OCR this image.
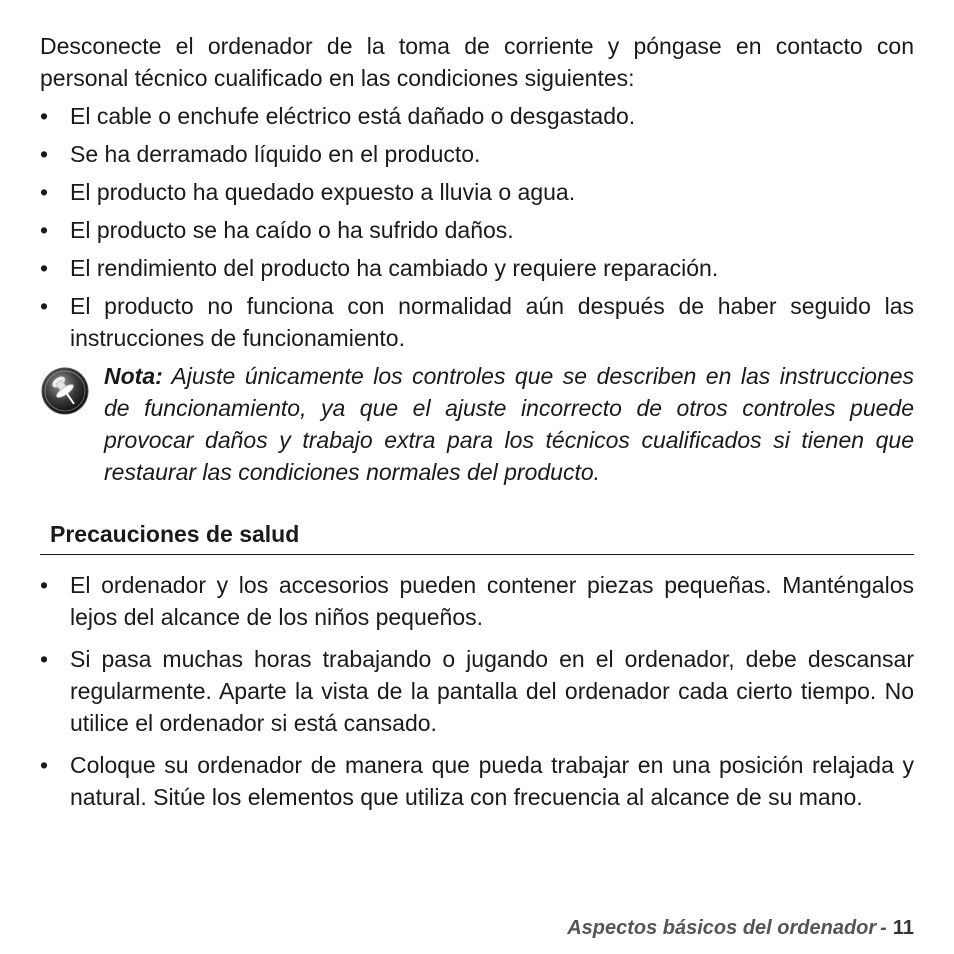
Desconecte el ordenador de la toma de corriente y póngase en contacto con personal técnico cualificado en las condiciones siguientes:

• El cable o enchufe eléctrico está dañado o desgastado.
• Se ha derramado líquido en el producto.
• El producto ha quedado expuesto a lluvia o agua.
• El producto se ha caído o ha sufrido daños.
• El rendimiento del producto ha cambiado y requiere reparación.
• El producto no funciona con normalidad aún después de haber seguido las instrucciones de funcionamiento.
Nota: Ajuste únicamente los controles que se describen en las instrucciones de funcionamiento, ya que el ajuste incorrecto de otros controles puede provocar daños y trabajo extra para los técnicos cualificados si tienen que restaurar las condiciones normales del producto.
Precauciones de salud
• El ordenador y los accesorios pueden contener piezas pequeñas. Manténgalos lejos del alcance de los niños pequeños.
• Si pasa muchas horas trabajando o jugando en el ordenador, debe descansar regularmente. Aparte la vista de la pantalla del ordenador cada cierto tiempo. No utilice el ordenador si está cansado.
• Coloque su ordenador de manera que pueda trabajar en una posición relajada y natural. Sitúe los elementos que utiliza con frecuencia al alcance de su mano.
Aspectos básicos del ordenador - 11
